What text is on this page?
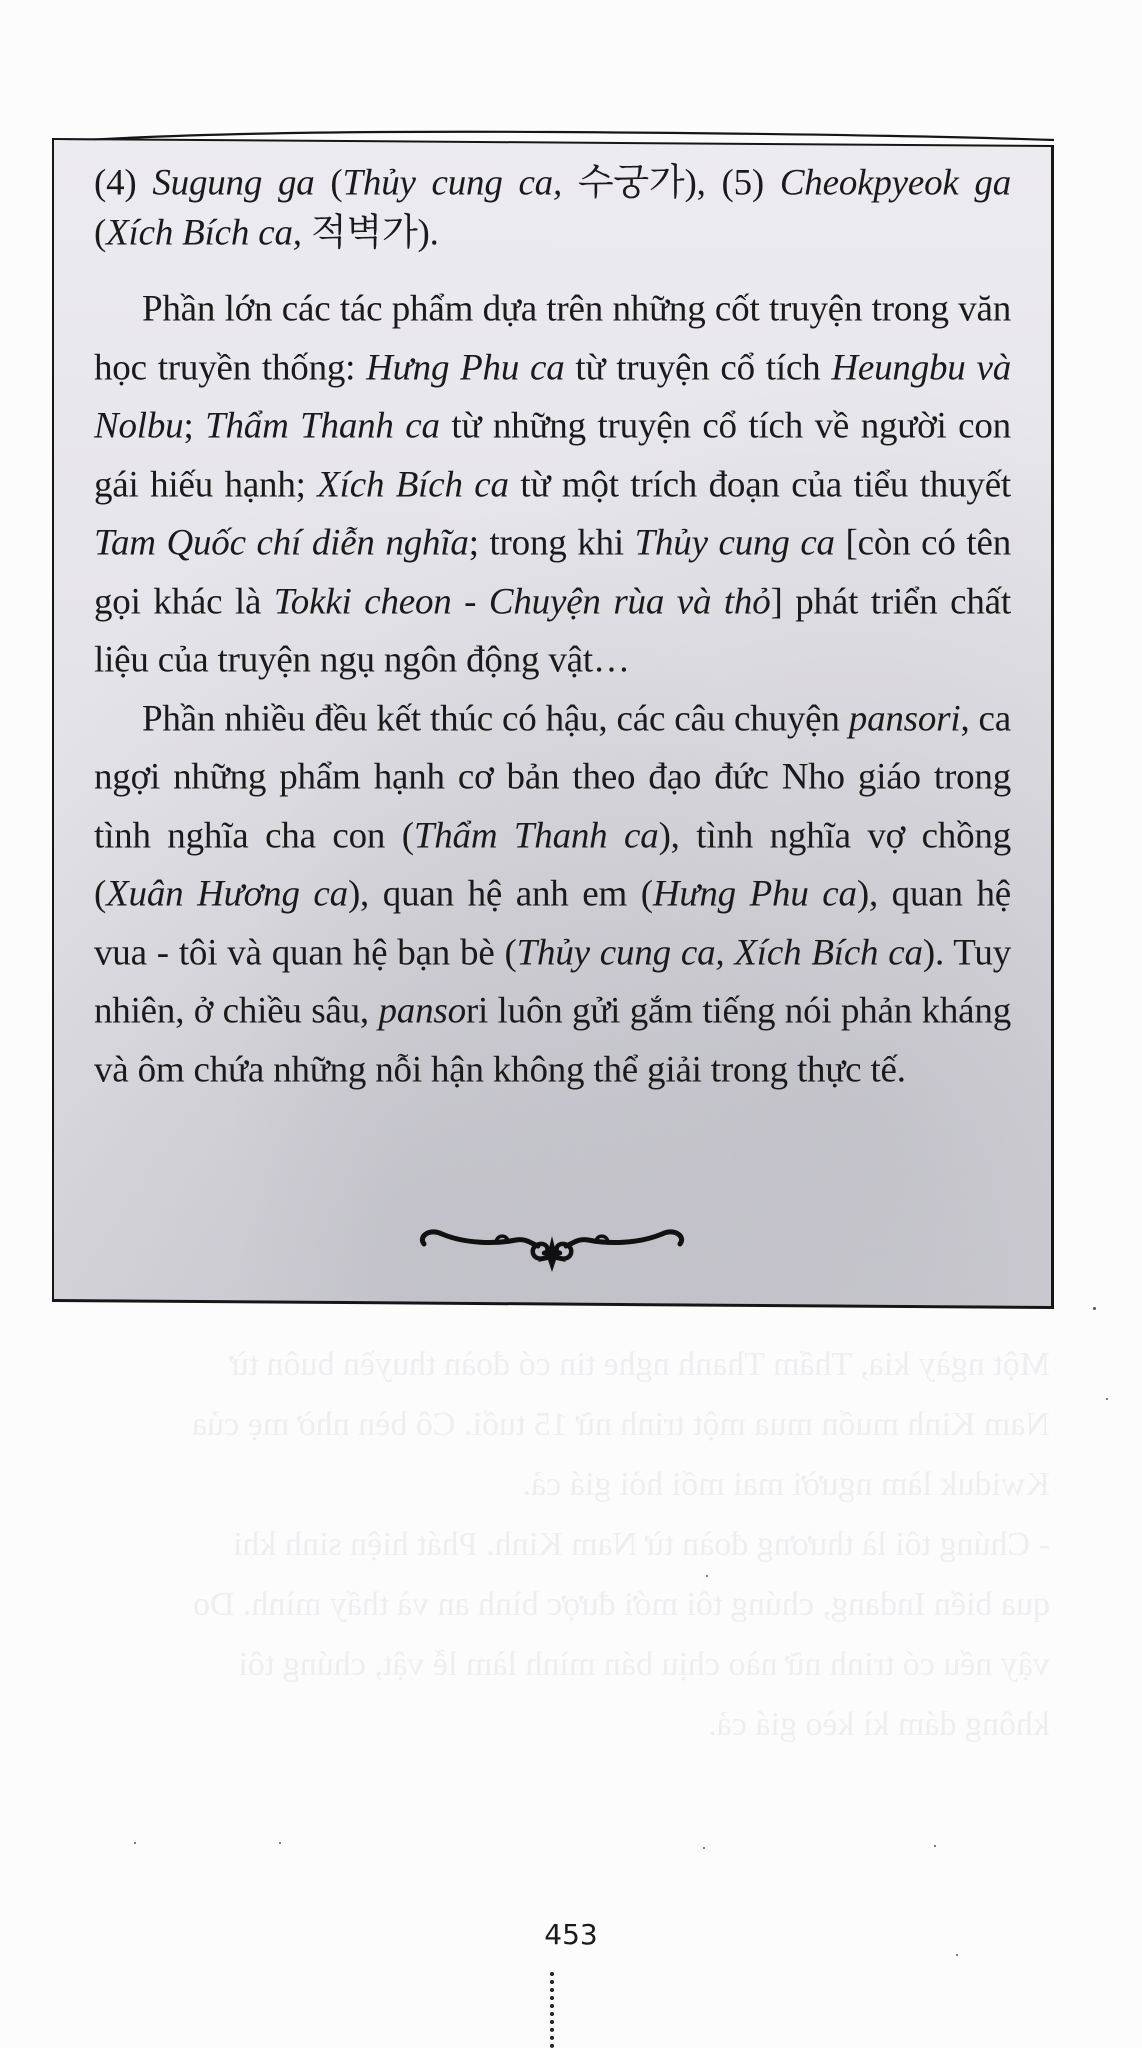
Một ngày kia, Thẩm Thanh nghe tin có đoàn thuyền buôn từ
Nam Kinh muốn mua một trinh nữ 15 tuổi. Cô bèn nhờ mẹ của
Kwiduk làm người mai mối hỏi giá cả.
- Chúng tôi là thương đoàn từ Nam Kinh. Phát hiện sinh khi
qua biển Indang, chúng tôi mới được bình an và thấy mình. Do
vậy nếu có trinh nữ nào chịu bán mình làm lễ vật, chúng tôi
không dám kì kèo giá cả.

(4) Sugung ga (Thủy cung ca, 수궁가), (5) Cheokpyeok ga (Xích Bích ca, 적벽가).

Phần lớn các tác phẩm dựa trên những cốt truyện trong văn học truyền thống: Hưng Phu ca từ truyện cổ tích Heungbu và Nolbu; Thẩm Thanh ca từ những truyện cổ tích về người con gái hiếu hạnh; Xích Bích ca từ một trích đoạn của tiểu thuyết Tam Quốc chí diễn nghĩa; trong khi Thủy cung ca [còn có tên gọi khác là Tokki cheon - Chuyện rùa và thỏ] phát triển chất liệu của truyện ngụ ngôn động vật…

Phần nhiều đều kết thúc có hậu, các câu chuyện pansori, ca ngợi những phẩm hạnh cơ bản theo đạo đức Nho giáo trong tình nghĩa cha con (Thẩm Thanh ca), tình nghĩa vợ chồng (Xuân Hương ca), quan hệ anh em (Hưng Phu ca), quan hệ vua - tôi và quan hệ bạn bè (Thủy cung ca, Xích Bích ca). Tuy nhiên, ở chiều sâu, pansori luôn gửi gắm tiếng nói phản kháng và ôm chứa những nỗi hận không thể giải trong thực tế.

453
